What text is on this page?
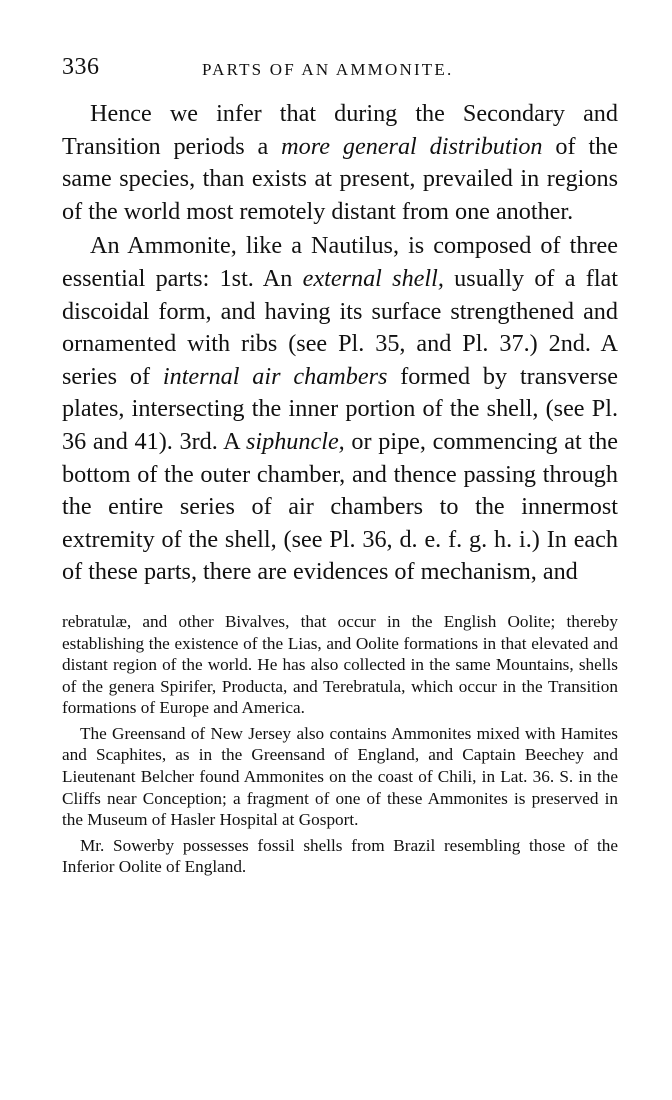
336	PARTS OF AN AMMONITE.

Hence we infer that during the Secondary and Transition periods a more general distribution of the same species, than exists at present, prevailed in regions of the world most remotely distant from one another.

An Ammonite, like a Nautilus, is composed of three essential parts: 1st. An external shell, usually of a flat discoidal form, and having its surface strengthened and ornamented with ribs (see Pl. 35, and Pl. 37.) 2nd. A series of internal air chambers formed by transverse plates, intersecting the inner portion of the shell, (see Pl. 36 and 41). 3rd. A siphuncle, or pipe, commencing at the bottom of the outer chamber, and thence passing through the entire series of air chambers to the innermost extremity of the shell, (see Pl. 36, d. e. f. g. h. i.) In each of these parts, there are evidences of mechanism, and

rebratulæ, and other Bivalves, that occur in the English Oolite; thereby establishing the existence of the Lias, and Oolite formations in that elevated and distant region of the world. He has also collected in the same Mountains, shells of the genera Spirifer, Producta, and Terebratula, which occur in the Transition formations of Europe and America.

The Greensand of New Jersey also contains Ammonites mixed with Hamites and Scaphites, as in the Greensand of England, and Captain Beechey and Lieutenant Belcher found Ammonites on the coast of Chili, in Lat. 36. S. in the Cliffs near Conception; a fragment of one of these Ammonites is preserved in the Museum of Hasler Hospital at Gosport.

Mr. Sowerby possesses fossil shells from Brazil resembling those of the Inferior Oolite of England.
